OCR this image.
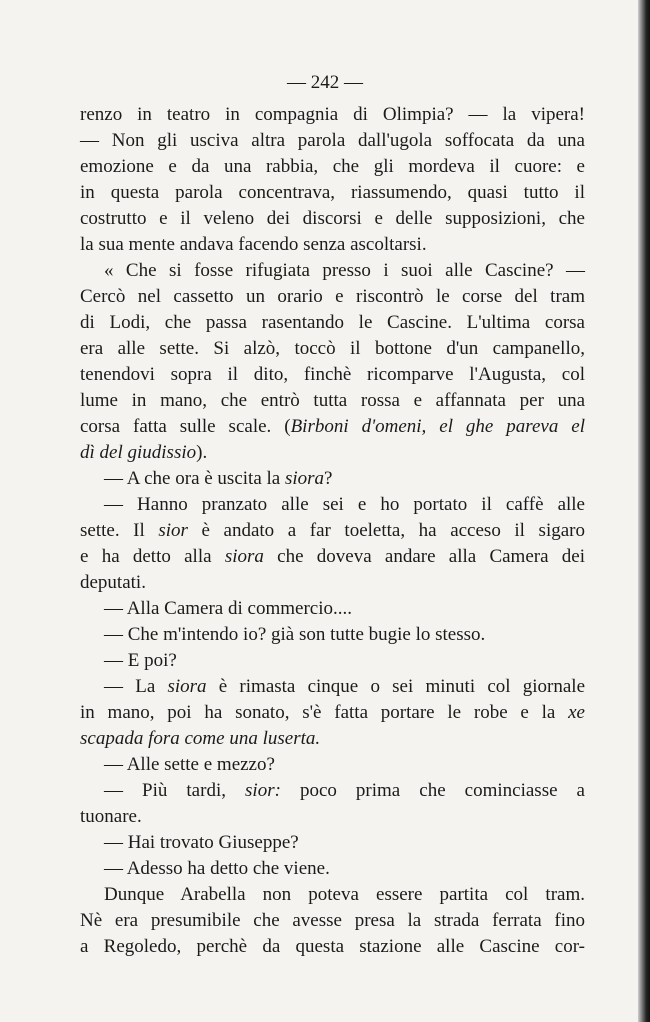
— 242 —
renzo in teatro in compagnia di Olimpia? — la vipera!
— Non gli usciva altra parola dall'ugola soffocata da una
emozione e da una rabbia, che gli mordeva il cuore: e
in questa parola concentrava, riassumendo, quasi tutto il
costrutto e il veleno dei discorsi e delle supposizioni, che
la sua mente andava facendo senza ascoltarsi.
« Che si fosse rifugiata presso i suoi alle Cascine? —
Cercò nel cassetto un orario e riscontrò le corse del tram
di Lodi, che passa rasentando le Cascine. L'ultima corsa
era alle sette. Si alzò, toccò il bottone d'un campanello,
tenendovi sopra il dito, finchè ricomparve l'Augusta, col
lume in mano, che entrò tutta rossa e affannata per una
corsa fatta sulle scale. (Birboni d'omeni, el ghe pareva el
dì del giudissio).
— A che ora è uscita la siora?
— Hanno pranzato alle sei e ho portato il caffè alle
sette. Il sior è andato a far toeletta, ha acceso il sigaro
e ha detto alla siora che doveva andare alla Camera dei
deputati.
— Alla Camera di commercio....
— Che m'intendo io? già son tutte bugie lo stesso.
— E poi?
— La siora è rimasta cinque o sei minuti col giornale
in mano, poi ha sonato, s'è fatta portare le robe e la xe
scapada fora come una luserta.
— Alle sette e mezzo?
— Più tardi, sior: poco prima che cominciasse a
tuonare.
— Hai trovato Giuseppe?
— Adesso ha detto che viene.
Dunque Arabella non poteva essere partita col tram.
Nè era presumibile che avesse presa la strada ferrata fino
a Regoledo, perchè da questa stazione alle Cascine cor-
